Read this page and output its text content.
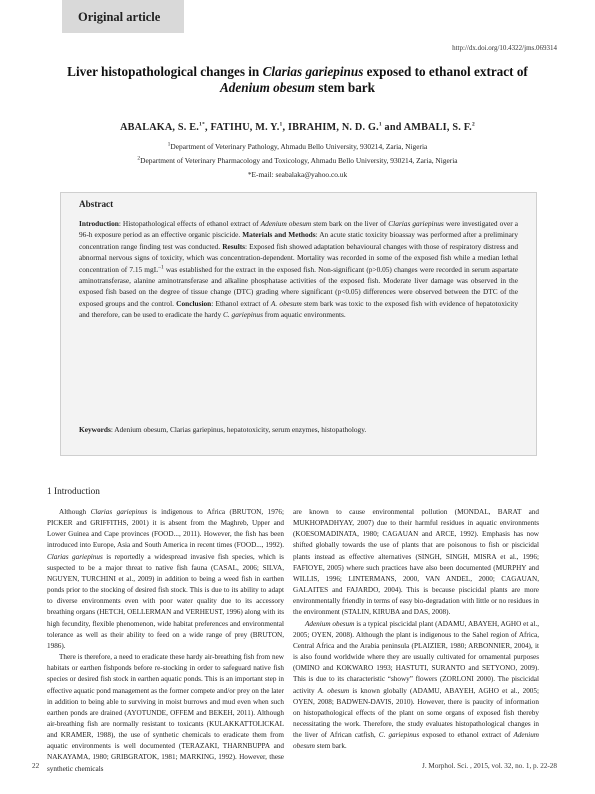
Original article
http://dx.doi.org/10.4322/jms.069314
Liver histopathological changes in Clarias gariepinus exposed to ethanol extract of Adenium obesum stem bark
ABALAKA, S. E.$^{1*}$, FATIHU, M. Y.$^1$, IBRAHIM, N. D. G.$^1$ and AMBALI, S. F.$^2$
$^1$Department of Veterinary Pathology, Ahmadu Bello University, 930214, Zaria, Nigeria
$^2$Department of Veterinary Pharmacology and Toxicology, Ahmadu Bello University, 930214, Zaria, Nigeria
*E-mail: seabalaka@yahoo.co.uk
Abstract
Introduction: Histopathological effects of ethanol extract of Adenium obesum stem bark on the liver of Clarias gariepinus were investigated over a 96-h exposure period as an effective organic piscicide. Materials and Methods: An acute static toxicity bioassay was performed after a preliminary concentration range finding test was conducted. Results: Exposed fish showed adaptation behavioural changes with those of respiratory distress and abnormal nervous signs of toxicity, which was concentration-dependent. Mortality was recorded in some of the exposed fish while a median lethal concentration of 7.15 mgL$^{-1}$ was established for the extract in the exposed fish. Non-significant (p>0.05) changes were recorded in serum aspartate aminotransferase, alanine aminotransferase and alkaline phosphatase activities of the exposed fish. Moderate liver damage was observed in the exposed fish based on the degree of tissue change (DTC) grading where significant (p<0.05) differences were observed between the DTC of the exposed groups and the control. Conclusion: Ethanol extract of A. obesum stem bark was toxic to the exposed fish with evidence of hepatotoxicity and therefore, can be used to eradicate the hardy C. gariepinus from aquatic environments.
Keywords: Adenium obesum, Clarias gariepinus, hepatotoxicity, serum enzymes, histopathology.
1 Introduction

Although Clarias gariepinus is indigenous to Africa (BRUTON, 1976; PICKER and GRIFFITHS, 2001) it is absent from the Maghreb, Upper and Lower Guinea and Cape provinces (FOOD..., 2011). However, the fish has been introduced into Europe, Asia and South America in recent times (FOOD..., 1992). Clarias gariepinus is reportedly a widespread invasive fish species, which is suspected to be a major threat to native fish fauna (CASAL, 2006; SILVA, NGUYEN, TURCHINI et al., 2009) in addition to being a weed fish in earthen ponds prior to the stocking of desired fish stock. This is due to its ability to adapt to diverse environments even with poor water quality due to its accessory breathing organs (HETCH, OELLERMAN and VERHEUST, 1996) along with its high fecundity, flexible phenomenon, wide habitat preferences and environmental tolerance as well as their ability to feed on a wide range of prey (BRUTON, 1986).

There is therefore, a need to eradicate these hardy air-breathing fish from new habitats or earthen fishponds before re-stocking in order to safeguard native fish species or desired fish stock in earthen aquatic ponds. This is an important step in effective aquatic pond management as the former compete and/or prey on the later in addition to being able to surviving in moist burrows and mud even when such earthen ponds are drained (AYOTUNDE, OFFEM and BEKEH, 2011). Although air-breathing fish are normally resistant to toxicants (KULAKKATTOLICKAL and KRAMER, 1988), the use of synthetic chemicals to eradicate them from aquatic environments is well documented (TERAZAKI, THARNBUPPA and NAKAYAMA, 1980; GRIBGRATOK, 1981; MARKING, 1992). However, these synthetic chemicals

are known to cause environmental pollution (MONDAL, BARAT and MUKHOPADHYAY, 2007) due to their harmful residues in aquatic environments (KOESOMADINATA, 1980; CAGAUAN and ARCE, 1992). Emphasis has now shifted globally towards the use of plants that are poisonous to fish or piscicidal plants instead as effective alternatives (SINGH, SINGH, MISRA et al., 1996; FAFIOYE, 2005) where such practices have also been documented (MURPHY and WILLIS, 1996; LINTERMANS, 2000, VAN ANDEL, 2000; CAGAUAN, GALAITES and FAJARDO, 2004). This is because piscicidal plants are more environmentally friendly in terms of easy bio-degradation with little or no residues in the environment (STALIN, KIRUBA and DAS, 2008).

Adenium obesum is a typical piscicidal plant (ADAMU, ABAYEH, AGHO et al., 2005; OYEN, 2008). Although the plant is indigenous to the Sahel region of Africa, Central Africa and the Arabia peninsula (PLAIZIER, 1980; ARBONNIER, 2004), it is also found worldwide where they are usually cultivated for ornamental purposes (OMINO and KOKWARO 1993; HASTUTI, SURANTO and SETYONO, 2009). This is due to its characteristic “showy” flowers (ZORLONI 2000). The piscicidal activity A. obesum is known globally (ADAMU, ABAYEH, AGHO et al., 2005; OYEN, 2008; BADWEN-DAVIS, 2010). However, there is paucity of information on histopathological effects of the plant on some organs of exposed fish thereby necessitating the work. Therefore, the study evaluates histopathological changes in the liver of African catfish, C. gariepinus exposed to ethanol extract of Adenium obesum stem bark.

22	J. Morphol. Sci. , 2015, vol. 32, no. 1, p. 22-28
